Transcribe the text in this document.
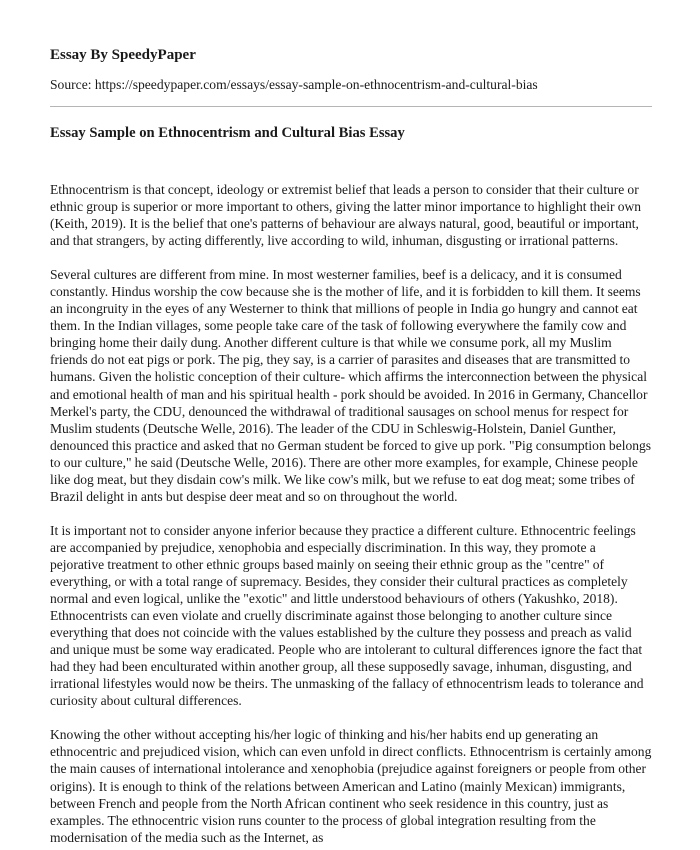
Essay By SpeedyPaper
Source: https://speedypaper.com/essays/essay-sample-on-ethnocentrism-and-cultural-bias
Essay Sample on Ethnocentrism and Cultural Bias Essay

Ethnocentrism is that concept, ideology or extremist belief that leads a person to consider that their culture or ethnic group is superior or more important to others, giving the latter minor importance to highlight their own (Keith, 2019). It is the belief that one's patterns of behaviour are always natural, good, beautiful or important, and that strangers, by acting differently, live according to wild, inhuman, disgusting or irrational patterns.

Several cultures are different from mine. In most westerner families, beef is a delicacy, and it is consumed constantly. Hindus worship the cow because she is the mother of life, and it is forbidden to kill them. It seems an incongruity in the eyes of any Westerner to think that millions of people in India go hungry and cannot eat them. In the Indian villages, some people take care of the task of following everywhere the family cow and bringing home their daily dung. Another different culture is that while we consume pork, all my Muslim friends do not eat pigs or pork. The pig, they say, is a carrier of parasites and diseases that are transmitted to humans. Given the holistic conception of their culture- which affirms the interconnection between the physical and emotional health of man and his spiritual health - pork should be avoided. In 2016 in Germany, Chancellor Merkel's party, the CDU, denounced the withdrawal of traditional sausages on school menus for respect for Muslim students (Deutsche Welle, 2016). The leader of the CDU in Schleswig-Holstein, Daniel Gunther, denounced this practice and asked that no German student be forced to give up pork. "Pig consumption belongs to our culture," he said (Deutsche Welle, 2016). There are other more examples, for example, Chinese people like dog meat, but they disdain cow's milk. We like cow's milk, but we refuse to eat dog meat; some tribes of Brazil delight in ants but despise deer meat and so on throughout the world.

It is important not to consider anyone inferior because they practice a different culture. Ethnocentric feelings are accompanied by prejudice, xenophobia and especially discrimination. In this way, they promote a pejorative treatment to other ethnic groups based mainly on seeing their ethnic group as the "centre" of everything, or with a total range of supremacy. Besides, they consider their cultural practices as completely normal and even logical, unlike the "exotic" and little understood behaviours of others (Yakushko, 2018). Ethnocentrists can even violate and cruelly discriminate against those belonging to another culture since everything that does not coincide with the values established by the culture they possess and preach as valid and unique must be some way eradicated. People who are intolerant to cultural differences ignore the fact that had they had been enculturated within another group, all these supposedly savage, inhuman, disgusting, and irrational lifestyles would now be theirs. The unmasking of the fallacy of ethnocentrism leads to tolerance and curiosity about cultural differences.

Knowing the other without accepting his/her logic of thinking and his/her habits end up generating an ethnocentric and prejudiced vision, which can even unfold in direct conflicts. Ethnocentrism is certainly among the main causes of international intolerance and xenophobia (prejudice against foreigners or people from other origins). It is enough to think of the relations between American and Latino (mainly Mexican) immigrants, between French and people from the North African continent who seek residence in this country, just as examples. The ethnocentric vision runs counter to the process of global integration resulting from the modernisation of the media such as the Internet, as
